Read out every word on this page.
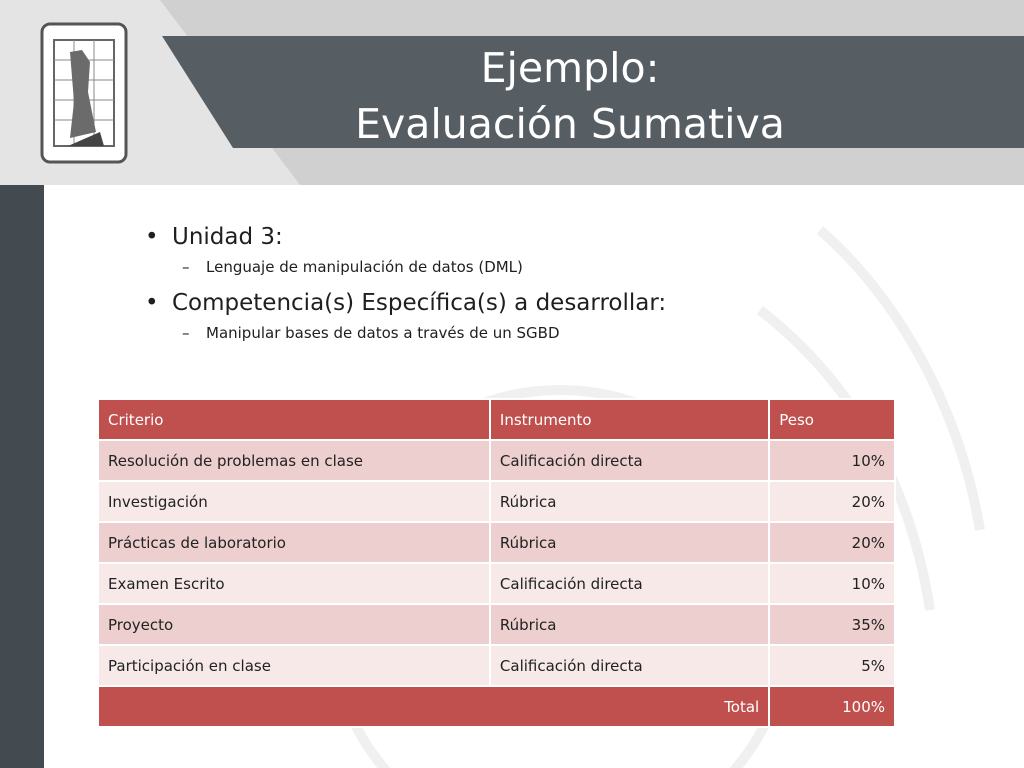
Ejemplo:
Evaluación Sumativa
• Unidad 3:
– Lenguaje de manipulación de datos (DML)
• Competencia(s) Específica(s) a desarrollar:
– Manipular bases de datos a través de un SGBD
Criterio	Instrumento	Peso
Resolución de problemas en clase	Calificación directa	10%
Investigación	Rúbrica	20%
Prácticas de laboratorio	Rúbrica	20%
Examen Escrito	Calificación directa	10%
Proyecto	Rúbrica	35%
Participación en clase	Calificación directa	5%
Total		100%
